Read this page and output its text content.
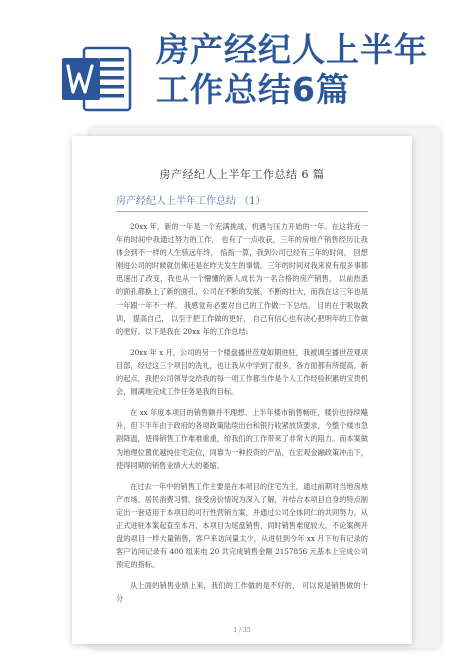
房产经纪人上半年工作总结6篇
房产经纪人上半年工作总结 6 篇
房产经纪人上半年工作总结 （1）

20xx 年，新的一年是一个充满挑战、机遇与压力开始的一年。在这将近一年的时间中我通过努力的工作， 也有了一点收获，三年的房地产销售经历让我体会到不一样的人生骇远年终， 掐指一算，我到公司已经有三年的时间， 回想刚进公司的时候就仿佛还是在昨天发生的事情。三年的时间对我来说有很多事都迅速出了改变，我也从一个懵懂的新人成长为一名合格的房产销售， 以前热悉的面孔都换上了新的面孔，公司在不断的发展，不断的壮大，而我在这三年也是一年跟一年不一样。 我感觉有必要对自己的工作做一下总结。 目的在于吸取教训， 提高自己， 以至于把工作做的更好， 自己有信心也有决心把明年的工作做的更好。以下是我在 20xx 年的工作总结:

20xx 年 x 月，公司的另一个楼盘播世莅观如期进驻，我被调至播世莅观项目部，经过这三个项目的洗礼，也让我从中学到了很多，各方面都有所提高，新的起点，我把公司领导交给我的每一项工作都当作是个人工作经验积累的宝贵机会，圆满地完成工作任务是我的目标。

在 xx 年度本项目的销售额并不理想。上半年楼市销售畅旺，楼价也持续飚升，但下半年由于政府的各项政策陆续出台和银行收紧放贷要求，今整个楼市急剧降温，使得销售工作难难重重，给我们的工作带来了非常大的阻力。而本案做为地理位置优越纯住宅定位，同靠为一种投资的产品，在宏观金融政策冲击下，使得同期的销售业绩大大的萎缩。

在过去一年中的销售工作主要是在本项目的住宅为主，通过前期对当地房地产市场、居民消费习惯、接受房价情况为深入了解，并结合本项目自身的特点制定出一套适用于本项目的可行性营销方案，并通过公司全体同仁的共同努力，从正式进驻本案起直至本月，本项目为尾盘销售，同时销售难度较大，不论案例开盘的项目一样大量销售，客户来访问量太少，从进驻到今年 xx 月下旬有记录的客户访问记录有 400 组来电 20 共完成销售金额 2157856 元基本上完成公司预定的指标。

从上面的销售业绩上来，我们的工作做的是不好的， 可以说是销售做的十分

1 / 35
